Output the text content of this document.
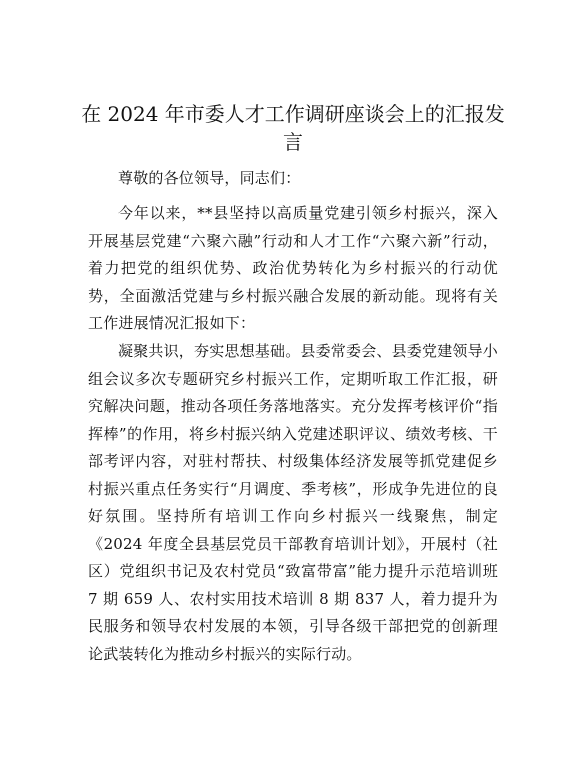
在 2024 年市委人才工作调研座谈会上的汇报发言

尊敬的各位领导，同志们：

今年以来，**县坚持以高质量党建引领乡村振兴，深入开展基层党建“六聚六融”行动和人才工作“六聚六新”行动，着力把党的组织优势、政治优势转化为乡村振兴的行动优势，全面激活党建与乡村振兴融合发展的新动能。现将有关工作进展情况汇报如下：

凝聚共识，夯实思想基础。县委常委会、县委党建领导小组会议多次专题研究乡村振兴工作，定期听取工作汇报，研究解决问题，推动各项任务落地落实。充分发挥考核评价“指挥棒”的作用，将乡村振兴纳入党建述职评议、绩效考核、干部考评内容，对驻村帮扶、村级集体经济发展等抓党建促乡村振兴重点任务实行“月调度、季考核”，形成争先进位的良好氛围。坚持所有培训工作向乡村振兴一线聚焦，制定《2024 年度全县基层党员干部教育培训计划》，开展村（社区）党组织书记及农村党员“致富带富”能力提升示范培训班 7 期 659 人、农村实用技术培训 8 期 837 人，着力提升为民服务和领导农村发展的本领，引导各级干部把党的创新理论武装转化为推动乡村振兴的实际行动。
